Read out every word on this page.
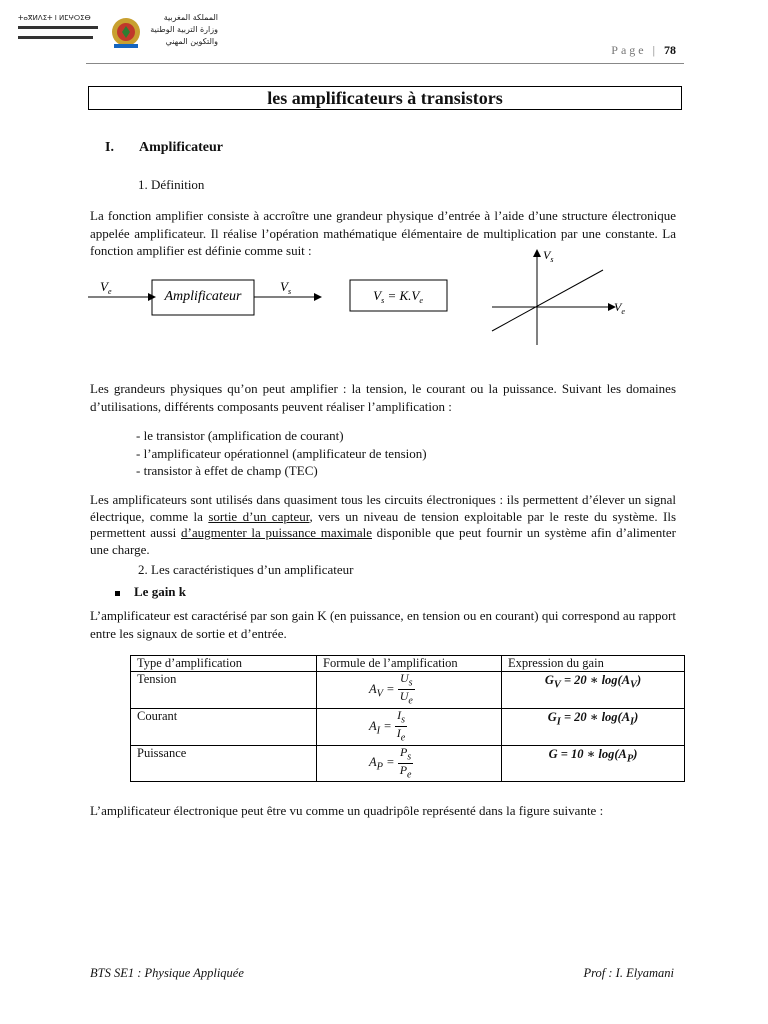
ⵜⴰⴳⵍⴷⵉⵜ ⵏ ⵍⵎⵖⵔⵉⴱ	المملكة المغربية
وزارة التربية الوطنية
والتكوين المهني
Page | 78
les amplificateurs à transistors
I. Amplificateur
1. Définition
La fonction amplifier consiste à accroître une grandeur physique d’entrée à l’aide d’une structure électronique appelée amplificateur. Il réalise l’opération mathématique élémentaire de multiplication par une constante. La fonction amplifier est définie comme suit :
$V_e$	Amplificateur
$V_s$	$V_s = K.V_e$
$V_s$
$V_e$
Les grandeurs physiques qu’on peut amplifier : la tension, le courant ou la puissance. Suivant les domaines d’utilisations, différents composants peuvent réaliser l’amplification :
- le transistor (amplification de courant)
- l’amplificateur opérationnel (amplificateur de tension)
- transistor à effet de champ (TEC)
Les amplificateurs sont utilisés dans quasiment tous les circuits électroniques : ils permettent d’élever un signal électrique, comme la sortie d’un capteur, vers un niveau de tension exploitable par le reste du système. Ils permettent aussi d’augmenter la puissance maximale disponible que peut fournir un système afin d’alimenter une charge.
2. Les caractéristiques d’un amplificateur
Le gain k
L’amplificateur est caractérisé par son gain K (en puissance, en tension ou en courant) qui correspond au rapport entre les signaux de sortie et d’entrée.
Type d’amplification	Formule de l’amplification	Expression du gain
Tension	$A_V = \frac{U_s}{U_e}$	$G_V = 20$ ∗ $\log(A_V)$
Courant	$A_I = \frac{I_s}{I_e}$	$G_I = 20$ ∗ $\log(A_I)$
Puissance	$A_P = \frac{P_s}{P_e}$	G = 10 ∗ $\log(A_P)$
L’amplificateur électronique peut être vu comme un quadripôle représenté dans la figure suivante :
BTS SE1 : Physique Appliquée	Prof : I. Elyamani
